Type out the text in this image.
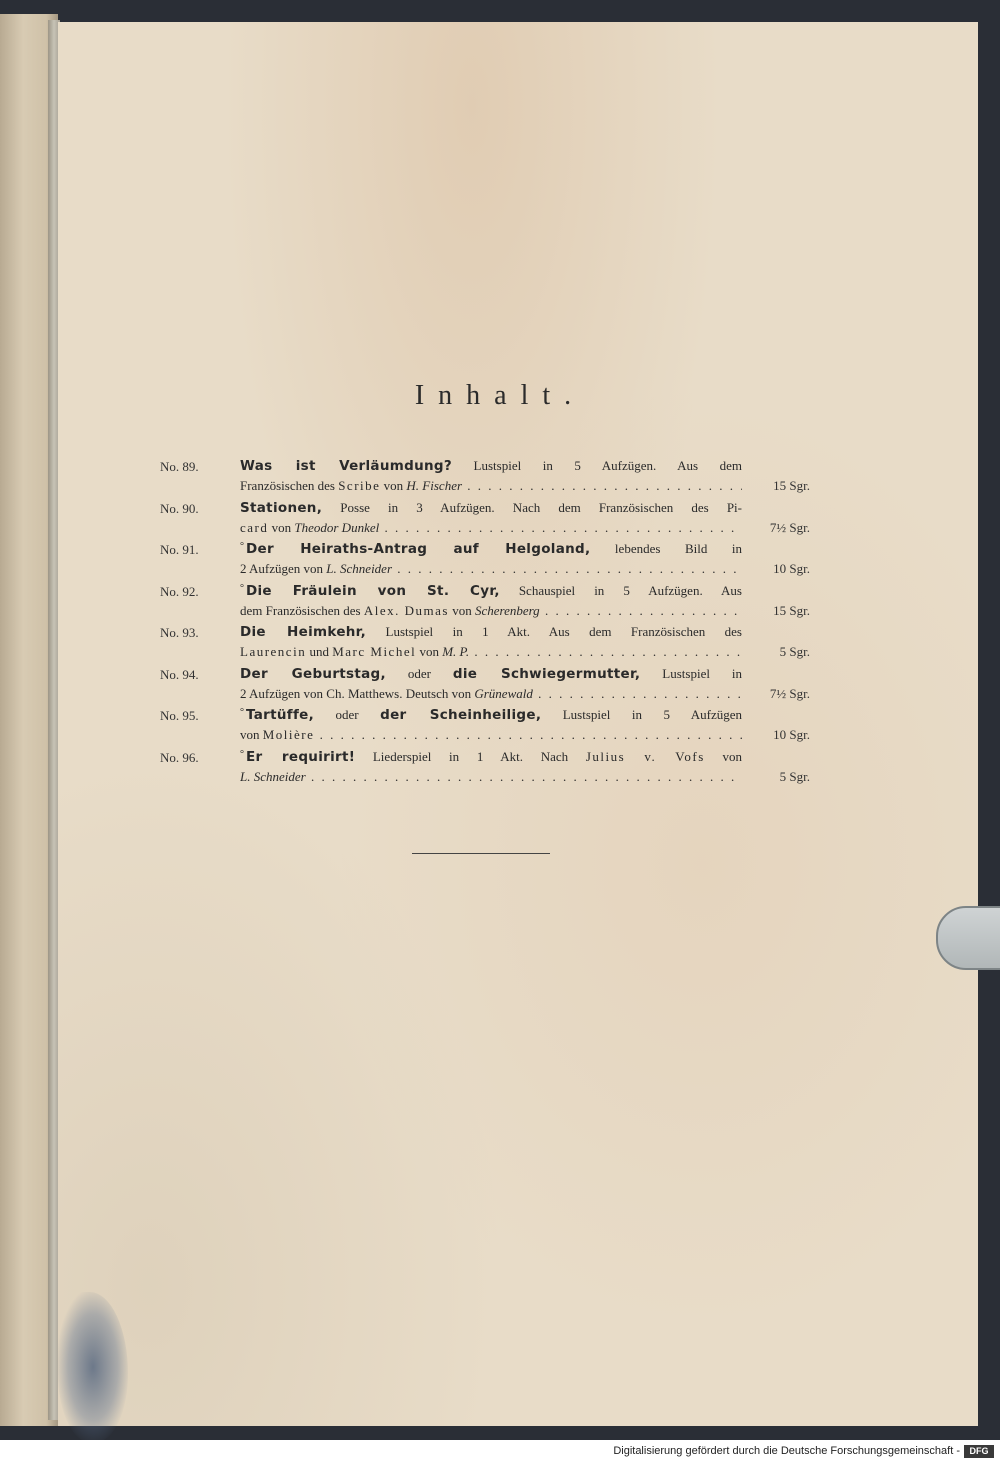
Inhalt.
No. 89.	Was ist Verläumdung? Lustspiel in 5 Aufzügen. Aus dem
Französischen des Scribe von H. Fischer . . .	15 Sgr.
No. 90.	Stationen, Posse in 3 Aufzügen. Nach dem Französischen des Pi-
card von Theodor Dunkel . . .	7½ Sgr.
No. 91.	° Der Heiraths-Antrag auf Helgoland, lebendes Bild in
2 Aufzügen von L. Schneider . . .	10 Sgr.
No. 92.	° Die Fräulein von St. Cyr, Schauspiel in 5 Aufzügen. Aus
dem Französischen des Alex. Dumas von Scherenberg . . .	15 Sgr.
No. 93.	Die Heimkehr, Lustspiel in 1 Akt. Aus dem Französischen des
Laurencin und Marc Michel von M. P. . . .	5 Sgr.
No. 94.	Der Geburtstag, oder die Schwiegermutter, Lustspiel in
2 Aufzügen von Ch. Matthews. Deutsch von Grünewald . . .	7½ Sgr.
No. 95.	° Tartüffe, oder der Scheinheilige, Lustspiel in 5 Aufzügen
von Molière . . .	10 Sgr.
No. 96.	° Er requirirt! Liederspiel in 1 Akt. Nach Julius v. Vofs von
L. Schneider . . .	5 Sgr.
Digitalisierung gefördert durch die Deutsche Forschungsgemeinschaft -	DFG
